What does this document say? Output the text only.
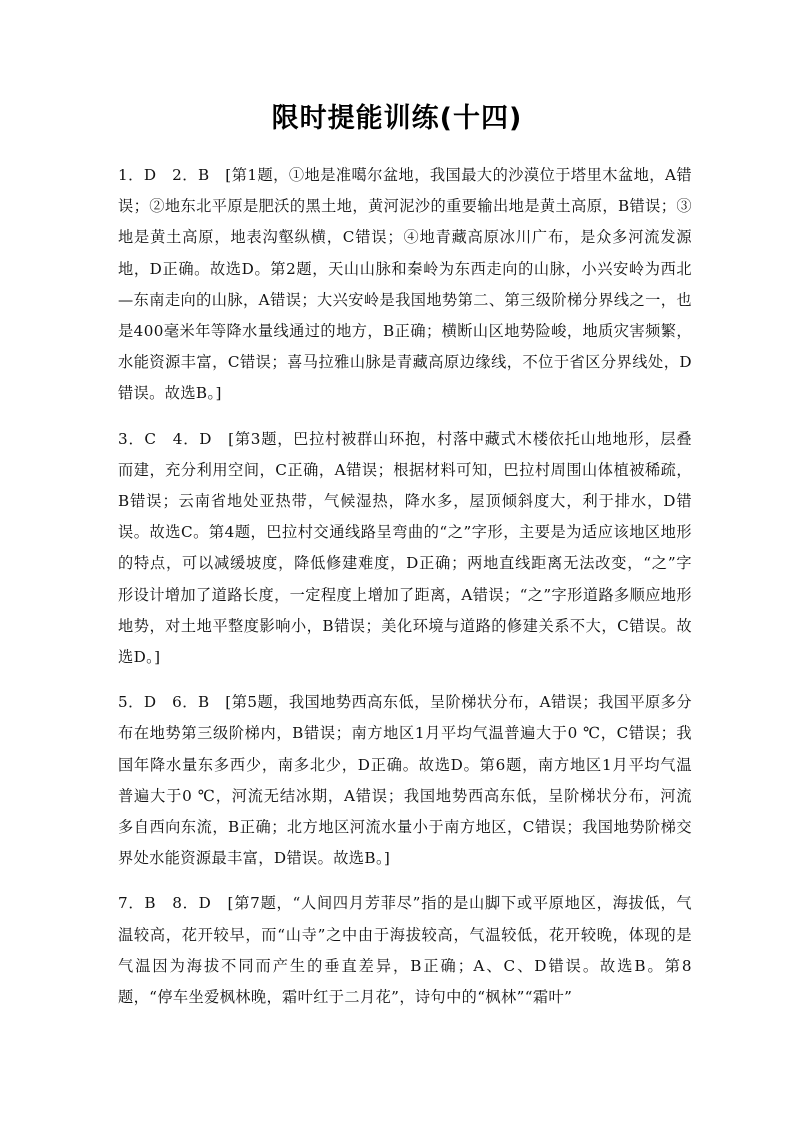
限时提能训练(十四)

1．D　2．B　[第1题，①地是准噶尔盆地，我国最大的沙漠位于塔里木盆地，A错误；②地东北平原是肥沃的黑土地，黄河泥沙的重要输出地是黄土高原，B错误；③地是黄土高原，地表沟壑纵横，C错误；④地青藏高原冰川广布，是众多河流发源地，D正确。故选D。第2题，天山山脉和秦岭为东西走向的山脉，小兴安岭为西北—东南走向的山脉，A错误；大兴安岭是我国地势第二、第三级阶梯分界线之一，也是400毫米年等降水量线通过的地方，B正确；横断山区地势险峻，地质灾害频繁，水能资源丰富，C错误；喜马拉雅山脉是青藏高原边缘线，不位于省区分界线处，D错误。故选B。]

3．C　4．D　[第3题，巴拉村被群山环抱，村落中藏式木楼依托山地地形，层叠而建，充分利用空间，C正确，A错误；根据材料可知，巴拉村周围山体植被稀疏，B错误；云南省地处亚热带，气候湿热，降水多，屋顶倾斜度大，利于排水，D错误。故选C。第4题，巴拉村交通线路呈弯曲的“之”字形，主要是为适应该地区地形的特点，可以减缓坡度，降低修建难度，D正确；两地直线距离无法改变，“之”字形设计增加了道路长度，一定程度上增加了距离，A错误；“之”字形道路多顺应地形地势，对土地平整度影响小，B错误；美化环境与道路的修建关系不大，C错误。故选D。]

5．D　6．B　[第5题，我国地势西高东低，呈阶梯状分布，A错误；我国平原多分布在地势第三级阶梯内，B错误；南方地区1月平均气温普遍大于0 ℃，C错误；我国年降水量东多西少，南多北少，D正确。故选D。第6题，南方地区1月平均气温普遍大于0 ℃，河流无结冰期，A错误；我国地势西高东低，呈阶梯状分布，河流多自西向东流，B正确；北方地区河流水量小于南方地区，C错误；我国地势阶梯交界处水能资源最丰富，D错误。故选B。]

7．B　8．D　[第7题，“人间四月芳菲尽”指的是山脚下或平原地区，海拔低，气温较高，花开较早，而“山寺”之中由于海拔较高，气温较低，花开较晚，体现的是气温因为海拔不同而产生的垂直差异，B正确；A、C、D错误。故选B。第8题，“停车坐爱枫林晚，霜叶红于二月花”，诗句中的“枫林”“霜叶”
